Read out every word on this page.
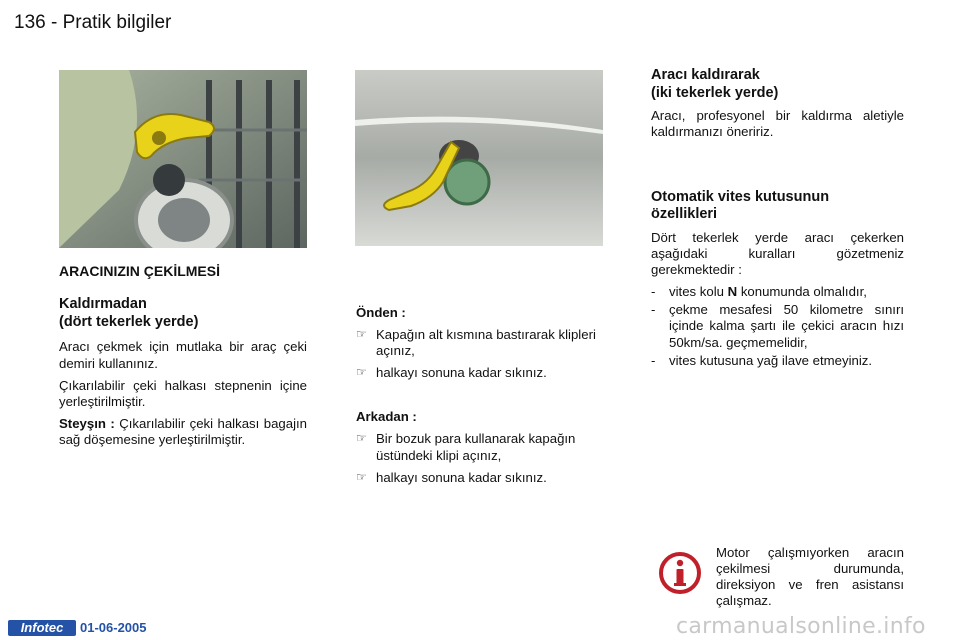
136 - Pratik bilgiler
ARACINIZIN ÇEKİLMESİ
Kaldırmadan
(dört tekerlek yerde)

Aracı çekmek için mutlaka bir araç çeki demiri kullanınız.

Çıkarılabilir çeki halkası stepnenin içine yerleştirilmiştir.

Steyşın : Çıkarılabilir çeki halkası bagajın sağ döşemesine yerleştirilmiştir.

Önden :
☞ Kapağın alt kısmına bastırarak klipleri açınız,
☞ halkayı sonuna kadar sıkınız.
Arkadan :
☞ Bir bozuk para kullanarak kapağın üstündeki klipi açınız,
☞ halkayı sonuna kadar sıkınız.
Aracı kaldırarak
(iki tekerlek yerde)

Aracı, profesyonel bir kaldırma aletiyle kaldırmanızı öneririz.

Otomatik vites kutusunun
özellikleri

Dört tekerlek yerde aracı çekerken aşağıdaki kuralları gözetmeniz gerekmektedir :

- vites kolu N konumunda olmalıdır,
- çekme mesafesi 50 kilometre sınırı içinde kalma şartı ile çekici aracın hızı 50km/sa. geçmemelidir,
- vites kutusuna yağ ilave etmeyiniz.
Motor çalışmıyorken aracın çekilmesi durumunda, direksiyon ve fren asistansı çalışmaz.
Infotec	01-06-2005	carmanualsonline.info
